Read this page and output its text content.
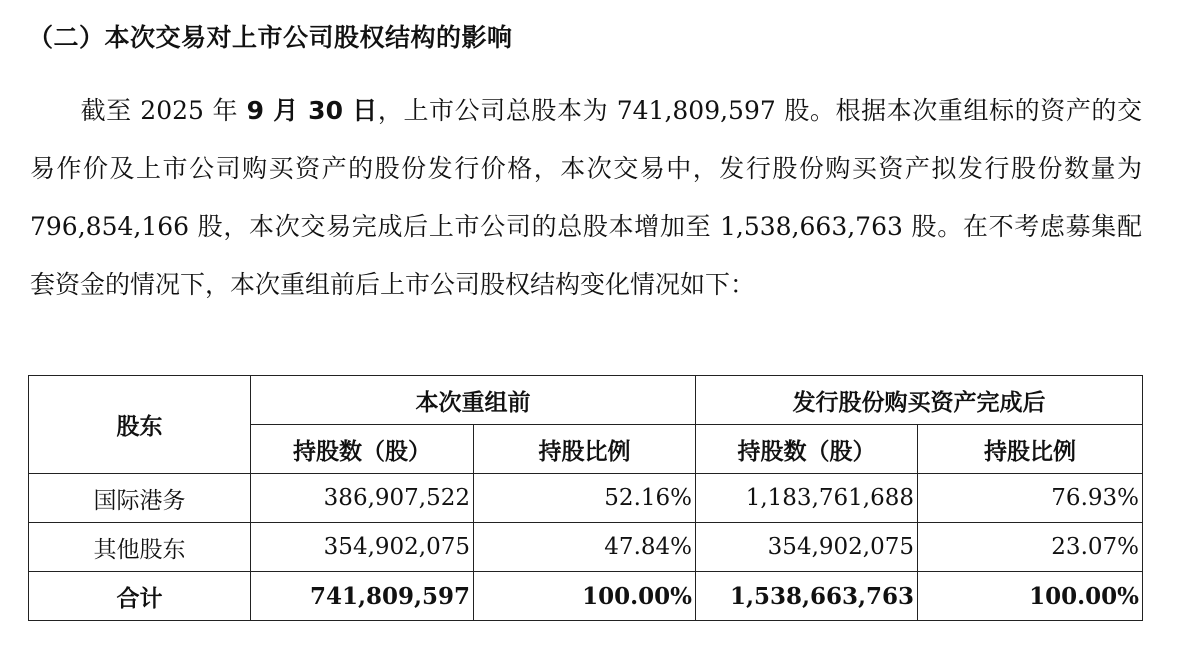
（二）本次交易对上市公司股权结构的影响
截至 2025 年 9 月 30 日，上市公司总股本为 741,809,597 股。根据本次重组标的资产的交易作价及上市公司购买资产的股份发行价格，本次交易中，发行股份购买资产拟发行股份数量为 796,854,166 股，本次交易完成后上市公司的总股本增加至 1,538,663,763 股。在不考虑募集配套资金的情况下，本次重组前后上市公司股权结构变化情况如下：
股东	本次重组前		发行股份购买资产完成后	
	持股数（股）	持股比例	持股数（股）	持股比例
国际港务	386,907,522	52.16%	1,183,761,688	76.93%
其他股东	354,902,075	47.84%	354,902,075	23.07%
合计	741,809,597	100.00%	1,538,663,763	100.00%
